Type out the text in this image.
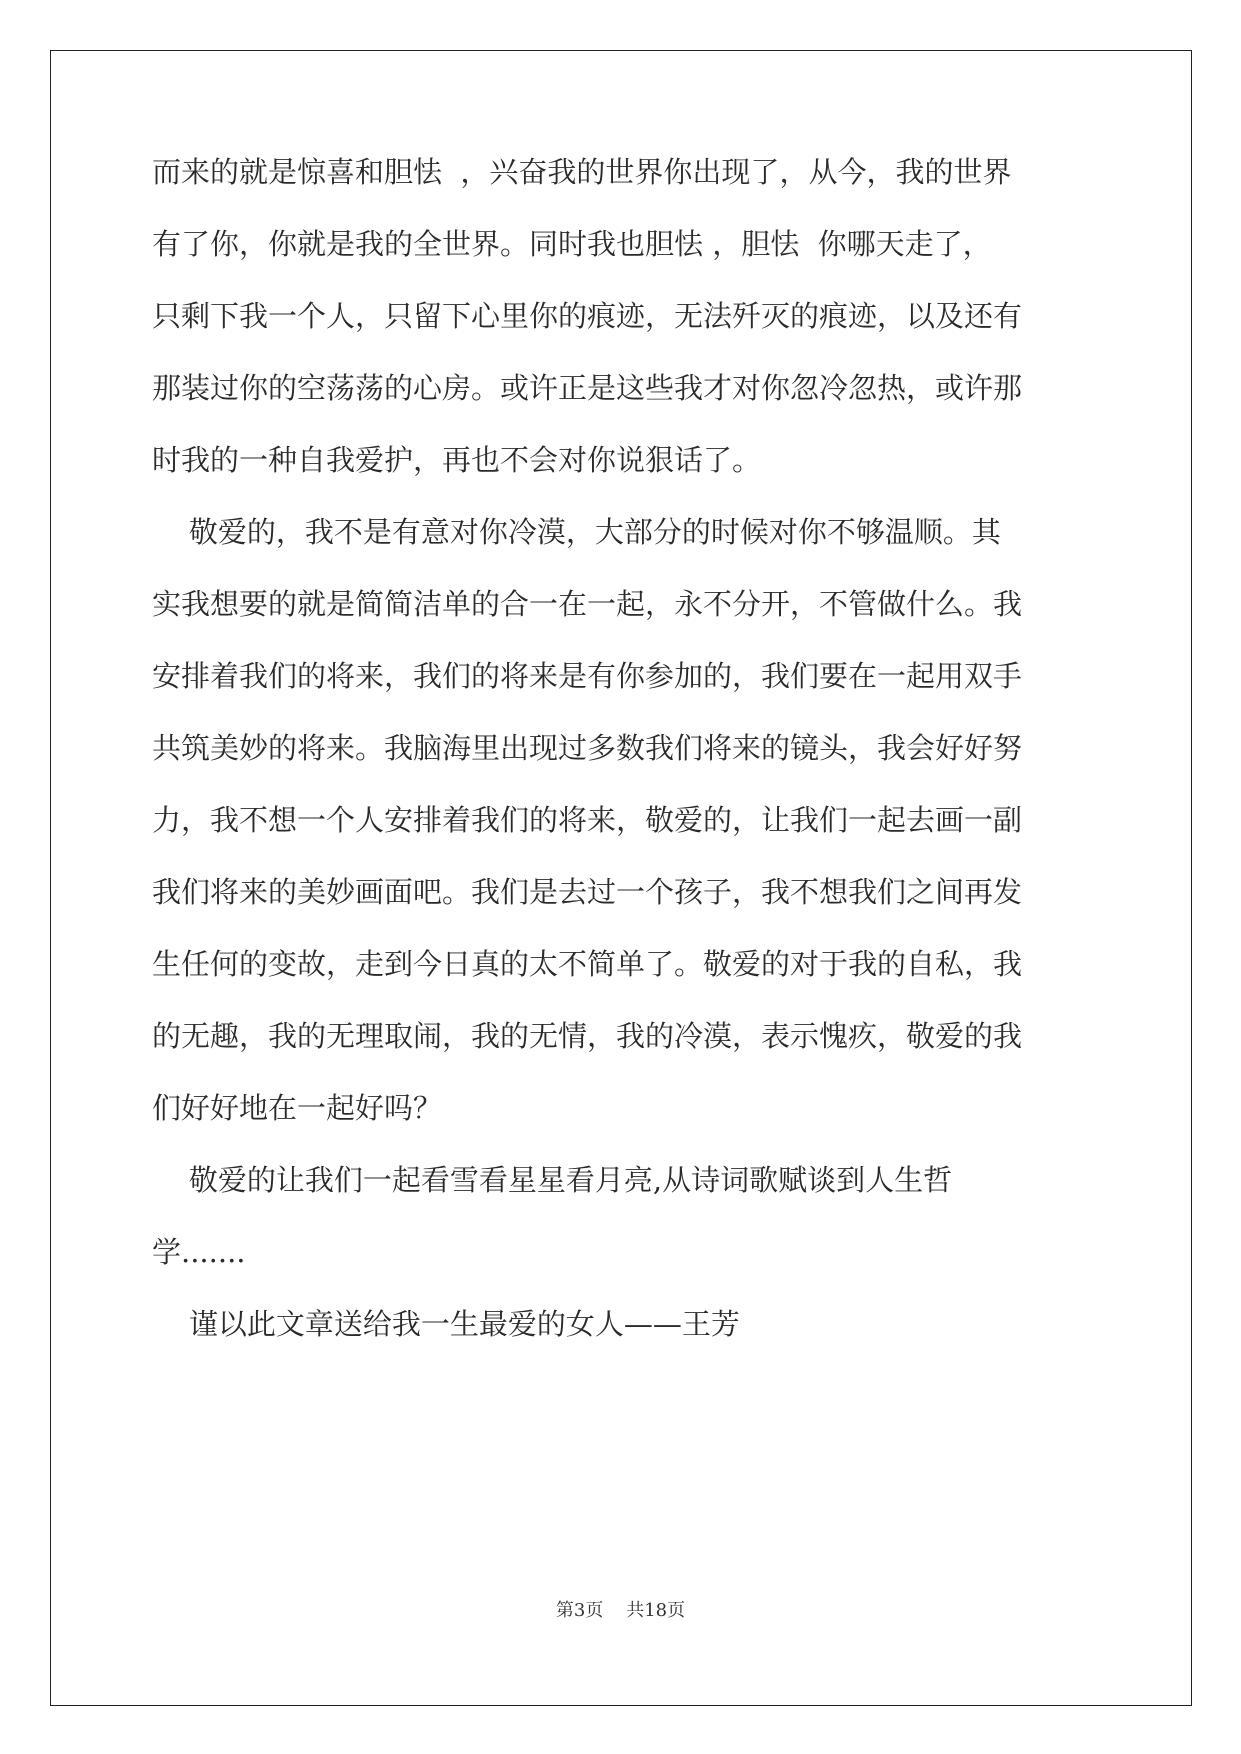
而来的就是惊喜和胆怯  ，兴奋我的世界你出现了，从今，我的世界
有了你，你就是我的全世界。同时我也胆怯 ，胆怯  你哪天走了，
只剩下我一个人，只留下心里你的痕迹，无法歼灭的痕迹，以及还有
那装过你的空荡荡的心房。或许正是这些我才对你忽冷忽热，或许那
时我的一种自我爱护，再也不会对你说狠话了。
敬爱的，我不是有意对你冷漠，大部分的时候对你不够温顺。其
实我想要的就是简简洁单的合一在一起，永不分开，不管做什么。我
安排着我们的将来，我们的将来是有你参加的，我们要在一起用双手
共筑美妙的将来。我脑海里出现过多数我们将来的镜头，我会好好努
力，我不想一个人安排着我们的将来，敬爱的，让我们一起去画一副
我们将来的美妙画面吧。我们是去过一个孩子，我不想我们之间再发
生任何的变故，走到今日真的太不简单了。敬爱的对于我的自私，我
的无趣，我的无理取闹，我的无情，我的冷漠，表示愧疚，敬爱的我
们好好地在一起好吗？
敬爱的让我们一起看雪看星星看月亮,从诗词歌赋谈到人生哲
学.......
谨以此文章送给我一生最爱的女人——王芳
第3页    共18页
